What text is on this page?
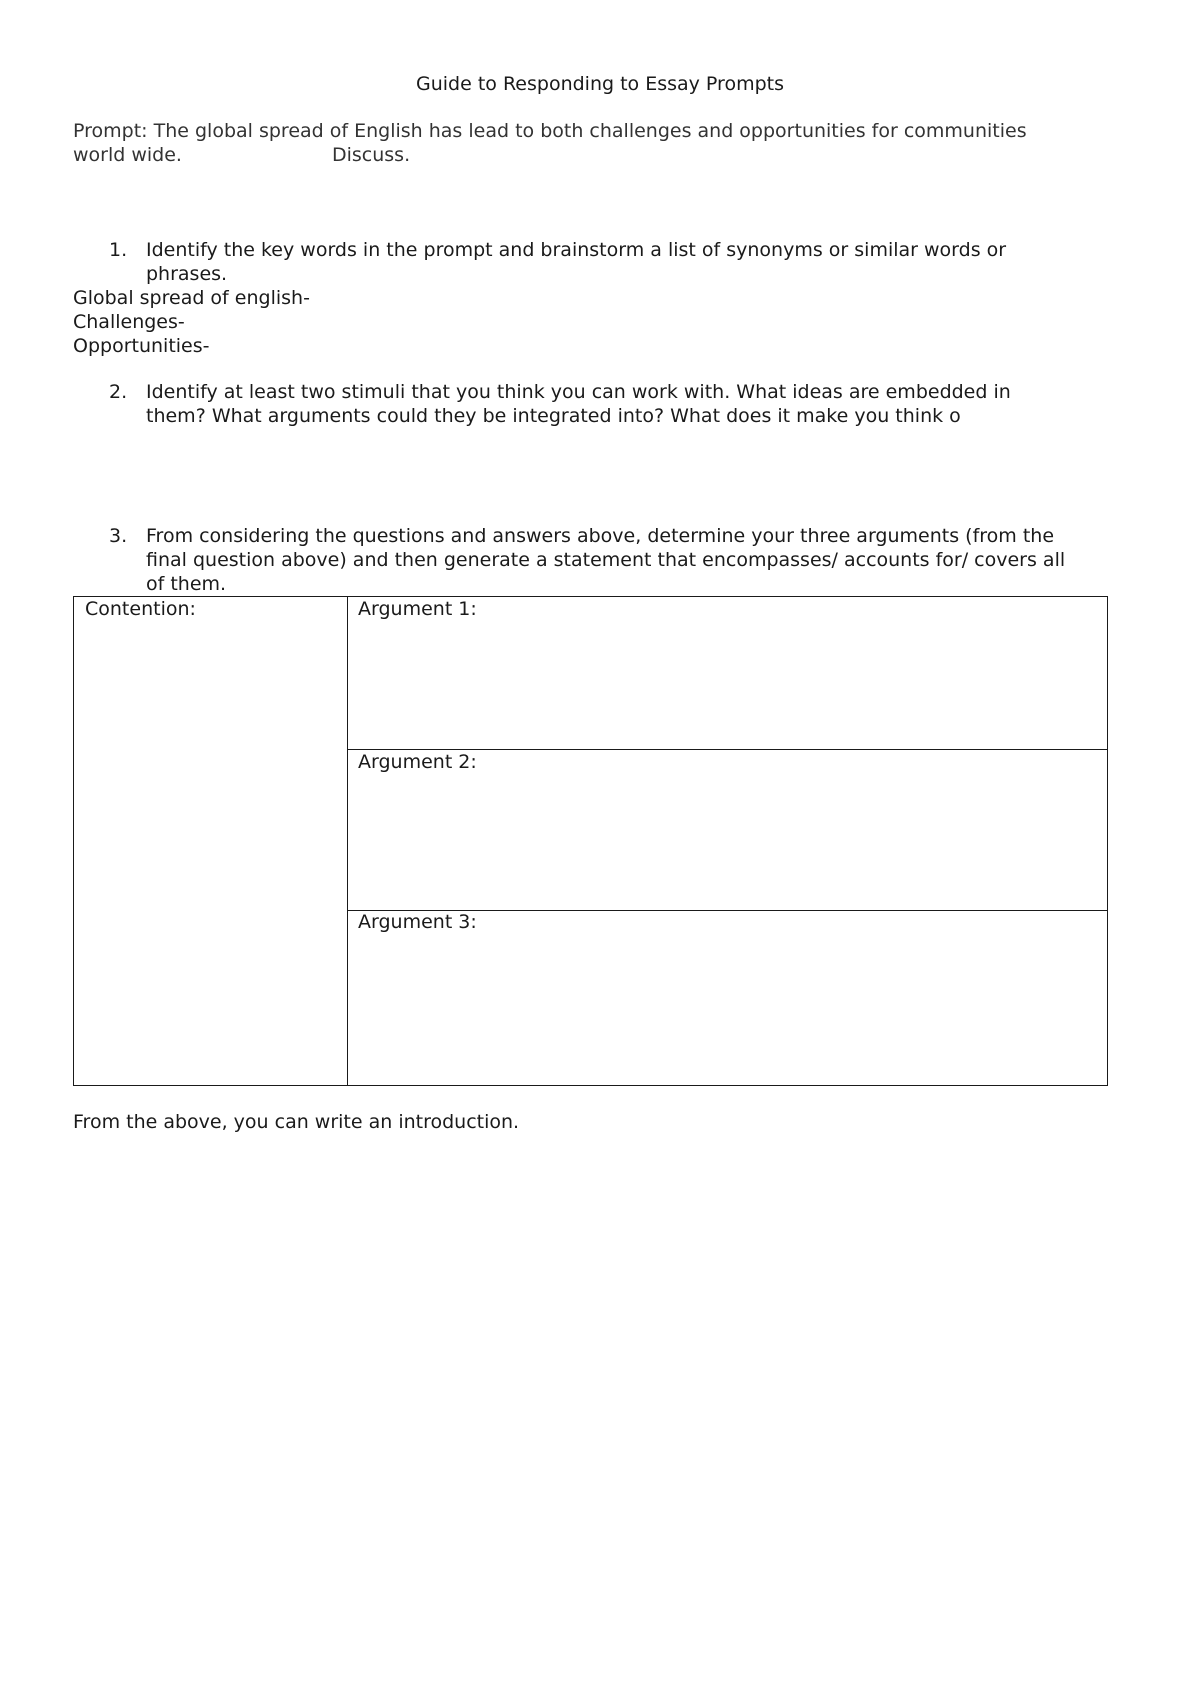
Guide to Responding to Essay Prompts
Prompt: The global spread of English has lead to both challenges and opportunities for communities
world wide.	Discuss.
1. Identify the key words in the prompt and brainstorm a list of synonyms or similar words or
phrases.
Global spread of english-
Challenges-
Opportunities-
2. Identify at least two stimuli that you think you can work with. What ideas are embedded in
them? What arguments could they be integrated into? What does it make you think o
3. From considering the questions and answers above, determine your three arguments (from the
final question above) and then generate a statement that encompasses/ accounts for/ covers all
of them.
Contention:	Argument 1:
Argument 2:
Argument 3:
From the above, you can write an introduction.
